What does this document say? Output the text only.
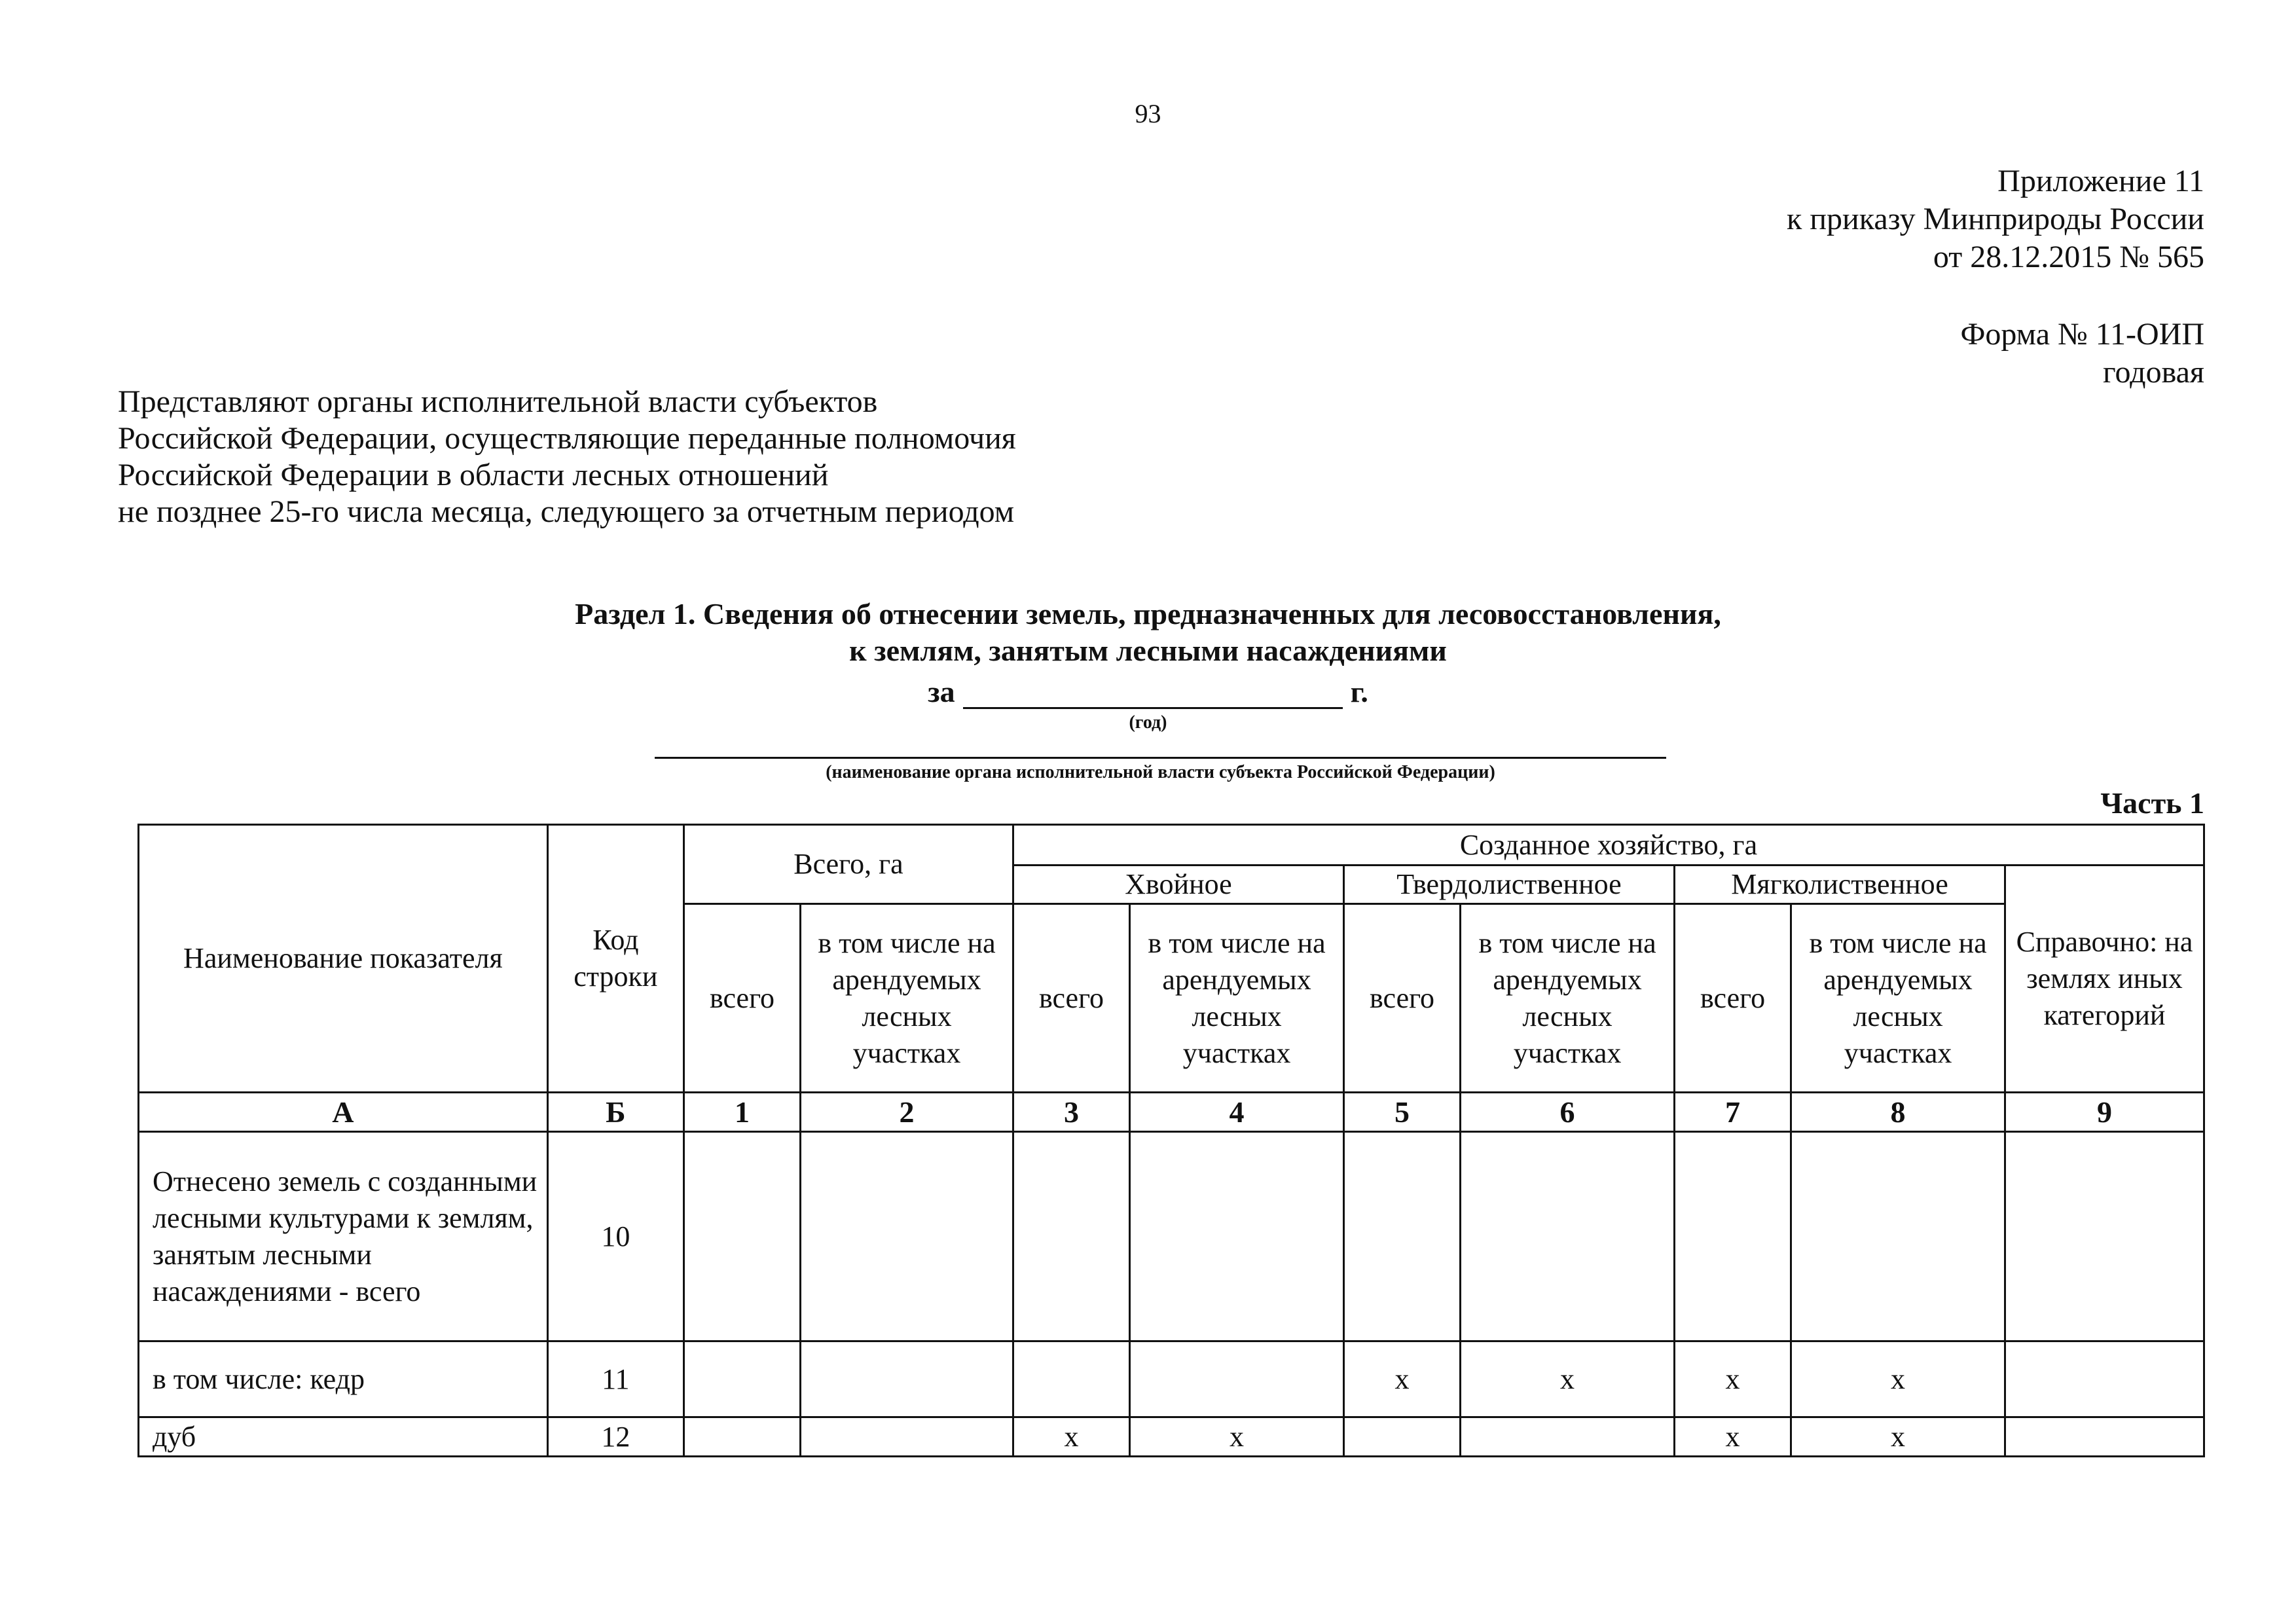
93
Приложение 11
к приказу Минприроды России
от 28.12.2015 № 565
Форма № 11-ОИП
годовая
Представляют органы исполнительной власти субъектов
Российской Федерации, осуществляющие переданные полномочия
Российской Федерации в области лесных отношений
не позднее 25-го числа месяца, следующего за отчетным периодом
Раздел 1. Сведения об отнесении земель, предназначенных для лесовосстановления,
к землям, занятым лесными насаждениями
за	г.
(год)
(наименование органа исполнительной власти субъекта Российской Федерации)
Часть 1
Наименование показателя	Код строки	Всего, га		Созданное хозяйство, га						
				Хвойное		Твердолиственное		Мягколиственное		Справочно: на землях иных категорий
		всего	в том числе на арендуемых лесных участках	всего	в том числе на арендуемых лесных участках	всего	в том числе на арендуемых лесных участках	всего	в том числе на арендуемых лесных участках	
А	Б	1	2	3	4	5	6	7	8	9
Отнесено земель с созданными лесными культурами к землям, занятым лесными насаждениями - всего	10									
в том числе: кедр	11					x	x	x	x	
дуб	12			x	x			x	x	
